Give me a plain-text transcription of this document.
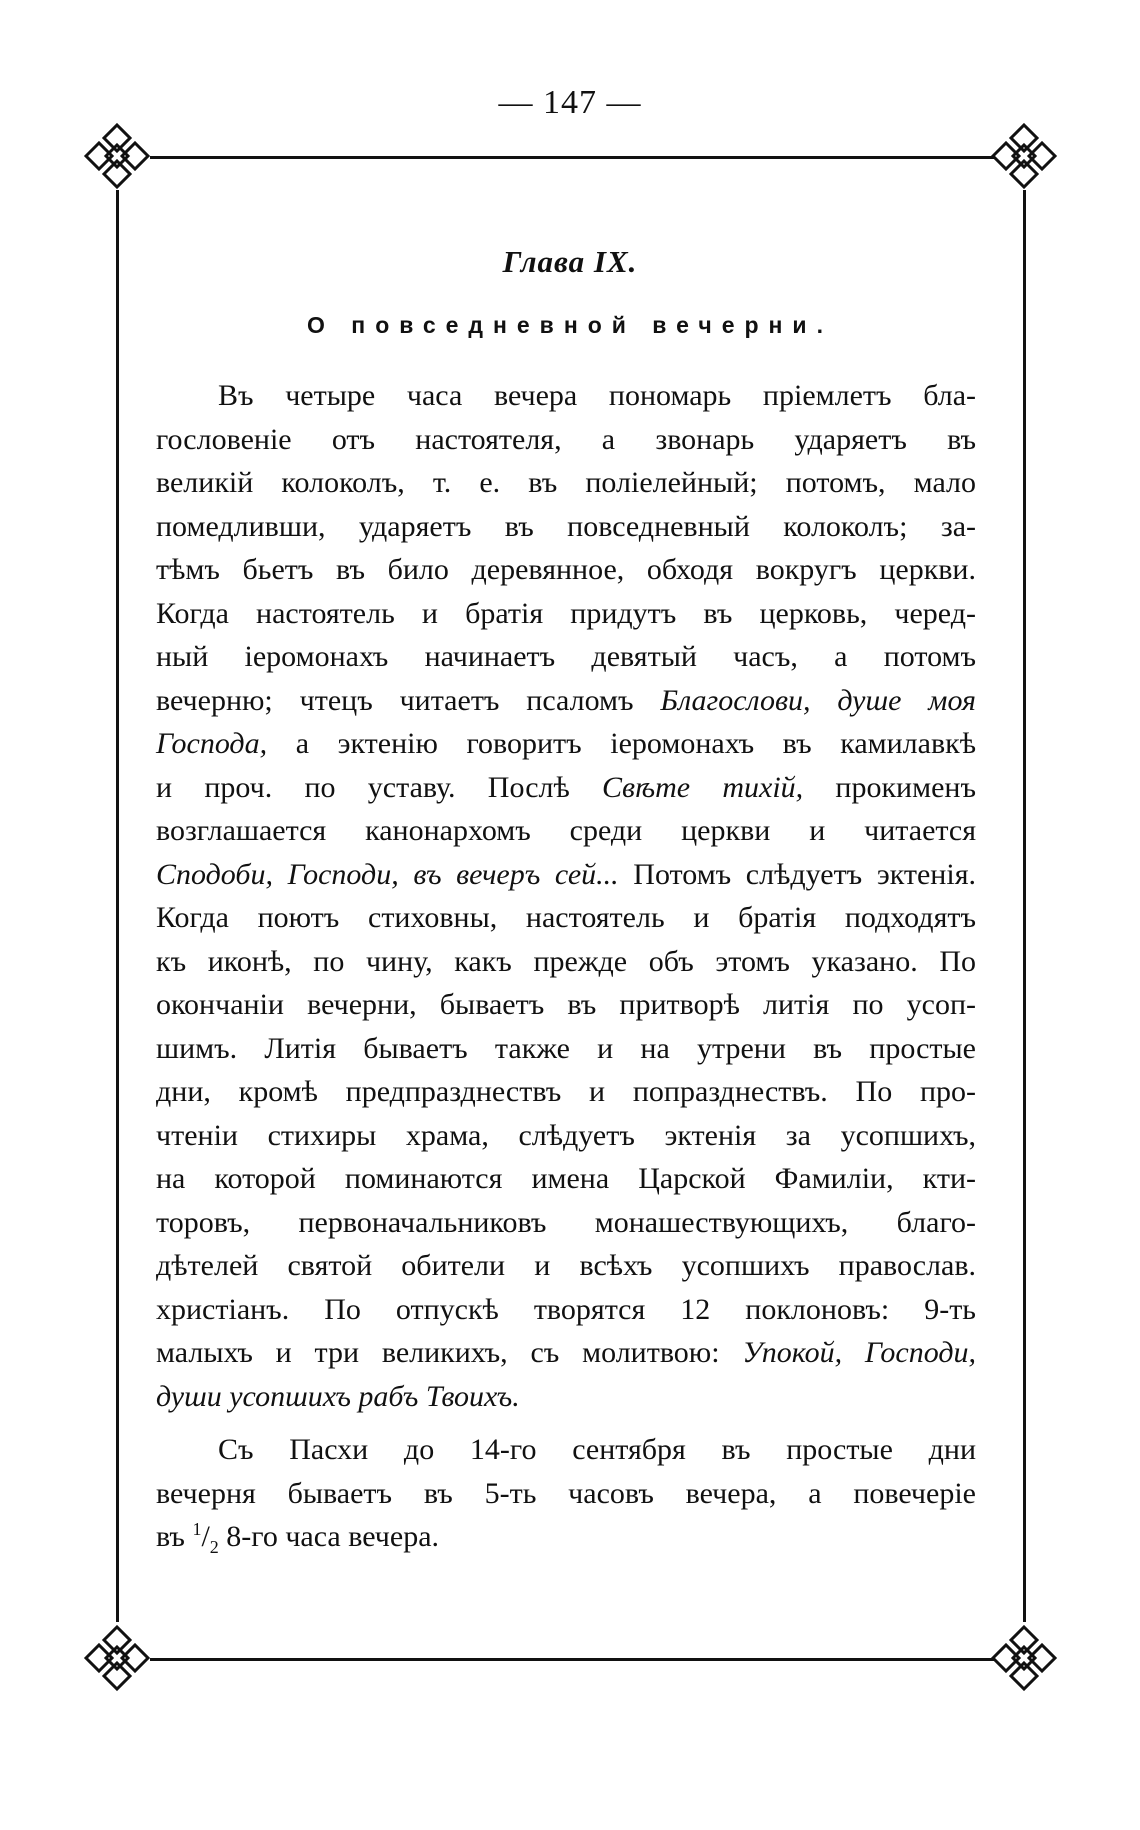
— 147 —
Глава IX.
О повседневной вечерни.
Въ четыре часа вечера пономарь пріемлетъ бла-
гословеніе отъ настоятеля, а звонарь ударяетъ въ
великій колоколъ, т. е. въ полiелейный; потомъ, мало
помедливши, ударяетъ въ повседневный колоколъ; за-
тѣмъ бьетъ въ било деревянное, обходя вокругъ церкви.
Когда настоятель и братія придутъ въ церковь, черед-
ный іеромонахъ начинаетъ девятый часъ, а потомъ
вечерню; чтецъ читаетъ псаломъ Благослови, душе моя
Господа, а эктенію говоритъ іеромонахъ въ камилавкѣ
и проч. по уставу. Послѣ Свѣте тихій, прокименъ
возглашается канонархомъ среди церкви и читается
Сподоби, Господи, въ вечеръ сей... Потомъ слѣдуетъ эктенія.
Когда поютъ стиховны, настоятель и братія подходятъ
къ иконѣ, по чину, какъ прежде объ этомъ указано. По
окончаніи вечерни, бываетъ въ притворѣ литія по усоп-
шимъ. Литія бываетъ также и на утрени въ простые
дни, кромѣ предпразднествъ и попразднествъ. По про-
чтеніи стихиры храма, слѣдуетъ эктенія за усопшихъ,
на которой поминаются имена Царской Фамиліи, кти-
торовъ, первоначальниковъ монашествующихъ, благо-
дѣтелей святой обители и всѣхъ усопшихъ православ.
христіанъ. По отпускѣ творятся 12 поклоновъ: 9-ть
малыхъ и три великихъ, съ молитвою: Упокой, Господи,
души усопшихъ рабъ Твоихъ.
Съ Пасхи до 14-го сентября въ простые дни
вечерня бываетъ въ 5-ть часовъ вечера, а повечеріе
въ $^1/_2$ 8-го часа вечера.
